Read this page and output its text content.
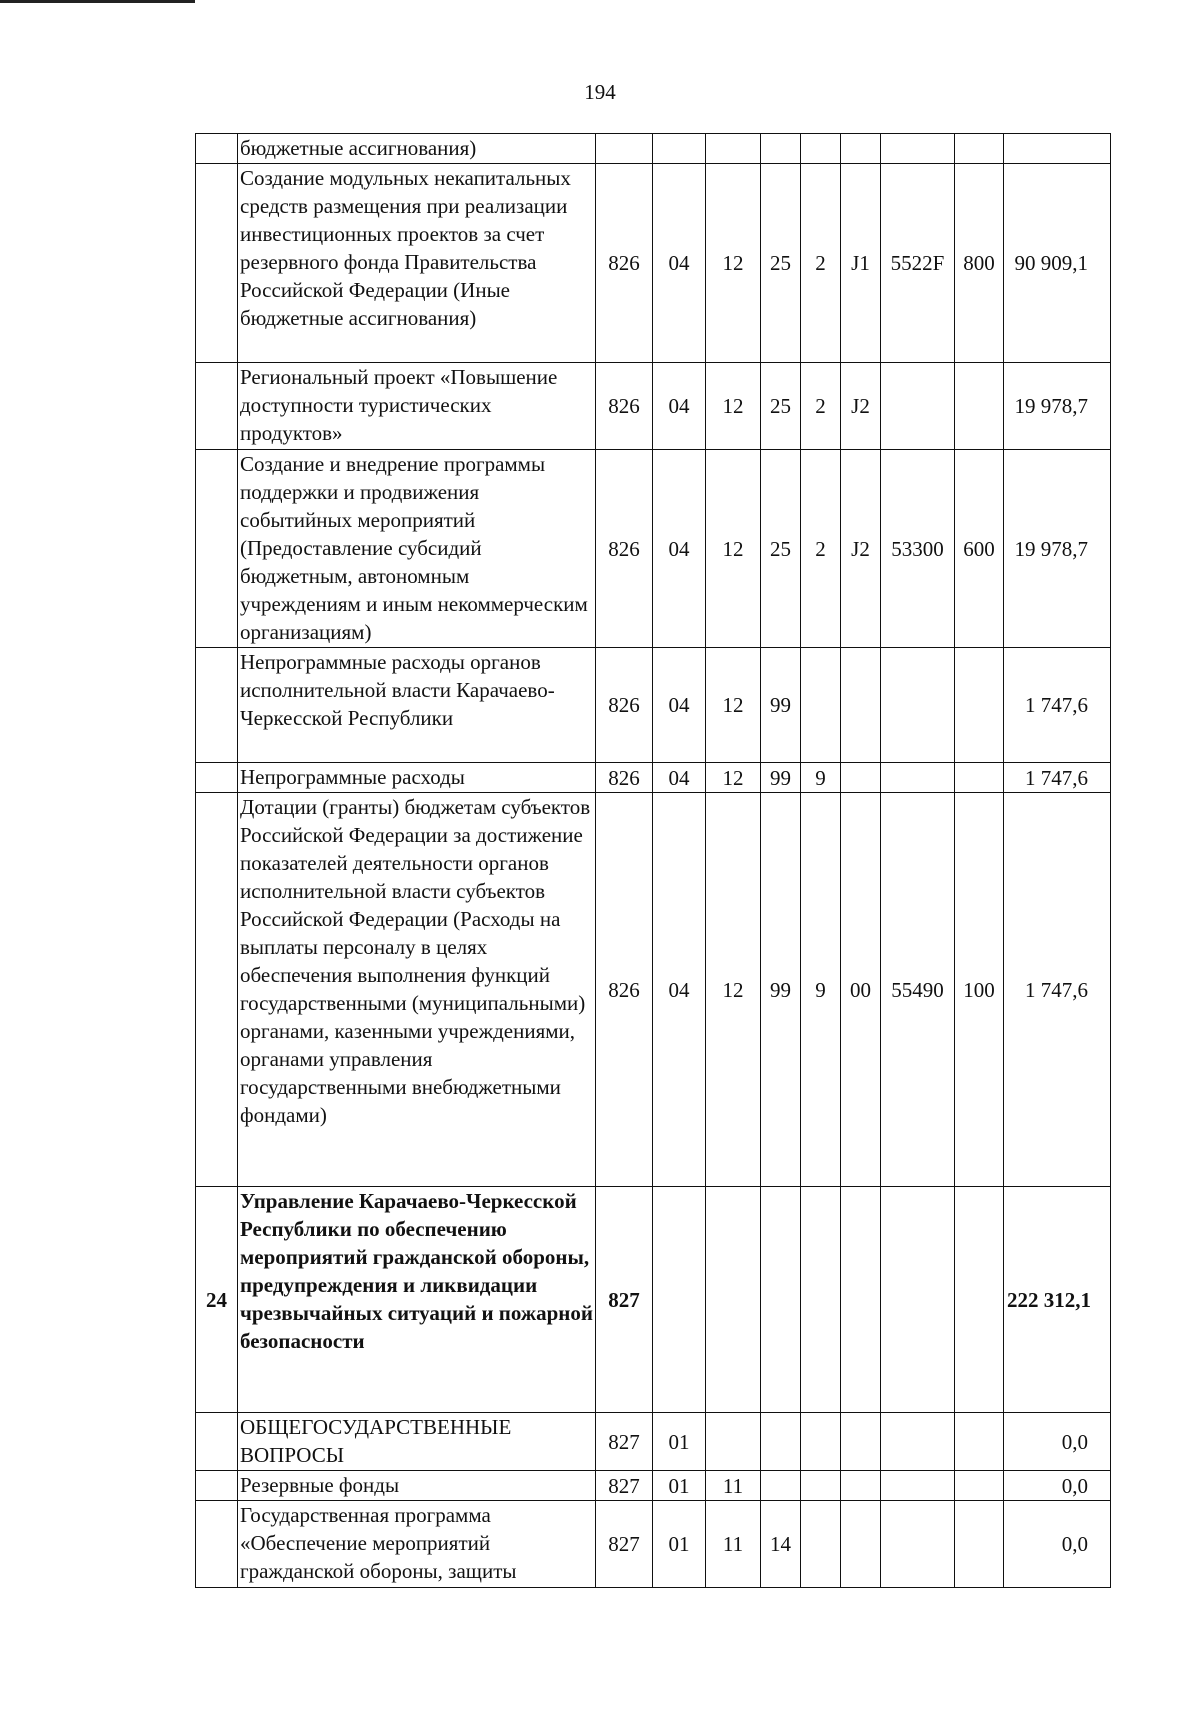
194
	бюджетные ассигнования)									
	Создание модульных некапитальных средств размещения при реализации инвестиционных проектов за счет резервного фонда Правительства Российской Федерации (Иные бюджетные ассигнования)	826	04	12	25	2	J1	5522F	800	90 909,1
	Региональный проект «Повышение доступности туристических продуктов»	826	04	12	25	2	J2			19 978,7
	Создание и внедрение программы поддержки и продвижения событийных мероприятий (Предоставление субсидий бюджетным, автономным учреждениям и иным некоммерческим организациям)	826	04	12	25	2	J2	53300	600	19 978,7
	Непрограммные расходы органов исполнительной власти Карачаево-Черкесской Республики	826	04	12	99					1 747,6
	Непрограммные расходы	826	04	12	99	9				1 747,6
	Дотации (гранты) бюджетам субъектов Российской Федерации за достижение показателей деятельности органов исполнительной власти субъектов Российской Федерации (Расходы на выплаты персоналу в целях обеспечения выполнения функций государственными (муниципальными) органами, казенными учреждениями, органами управления государственными внебюджетными фондами)	826	04	12	99	9	00	55490	100	1 747,6
24	Управление Карачаево-Черкесской Республики по обеспечению мероприятий гражданской обороны, предупреждения и ликвидации чрезвычайных ситуаций и пожарной безопасности	827								222 312,1
	ОБЩЕГОСУДАРСТВЕННЫЕ ВОПРОСЫ	827	01							0,0
	Резервные фонды	827	01	11						0,0
	Государственная программа «Обеспечение мероприятий гражданской обороны, защиты	827	01	11	14					0,0
